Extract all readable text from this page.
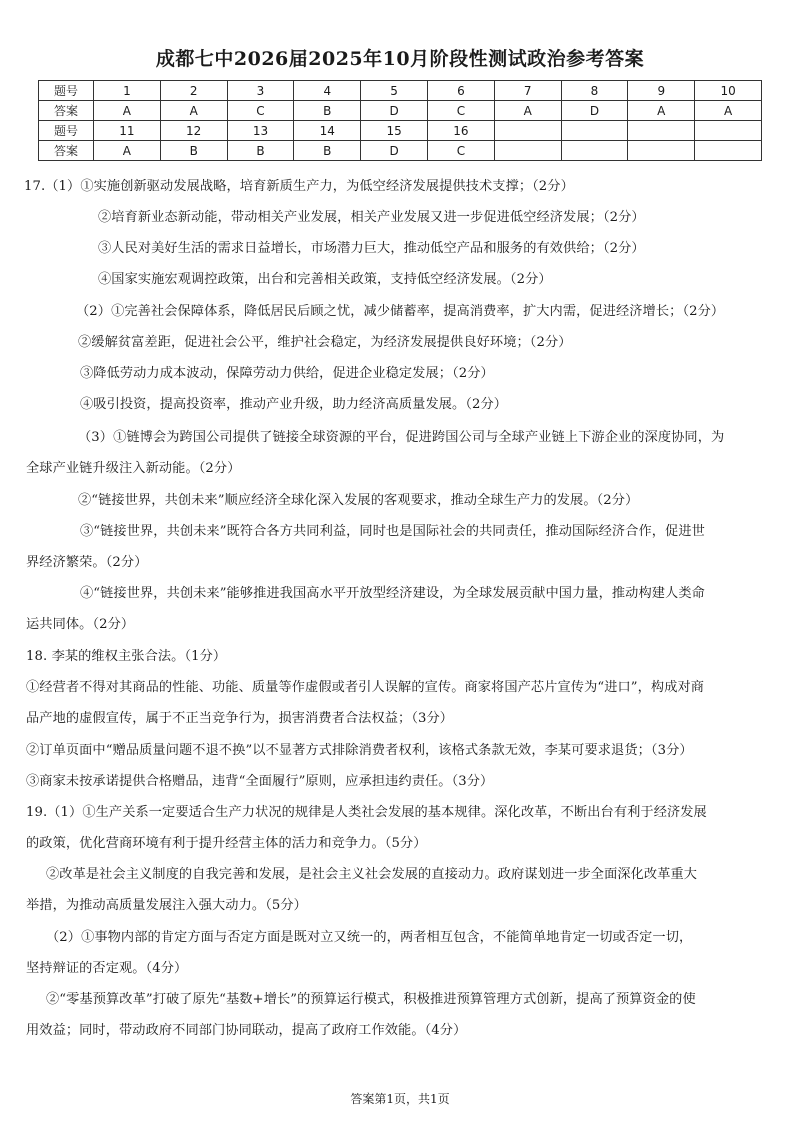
成都七中2026届2025年10月阶段性测试政治参考答案
题号	1	2	3	4	5	6	7	8	9	10
答案	A	A	C	B	D	C	A	D	A	A
题号	11	12	13	14	15	16				
答案	A	B	B	B	D	C				
17.（1）①实施创新驱动发展战略，培育新质生产力，为低空经济发展提供技术支撑；（2分）
②培育新业态新动能，带动相关产业发展，相关产业发展又进一步促进低空经济发展；（2分）
③人民对美好生活的需求日益增长，市场潜力巨大，推动低空产品和服务的有效供给；（2分）
④国家实施宏观调控政策，出台和完善相关政策，支持低空经济发展。（2分）
（2）①完善社会保障体系，降低居民后顾之忧，减少储蓄率，提高消费率，扩大内需，促进经济增长；（2分）
②缓解贫富差距，促进社会公平，维护社会稳定，为经济发展提供良好环境；（2分）
③降低劳动力成本波动，保障劳动力供给，促进企业稳定发展；（2分）
④吸引投资，提高投资率，推动产业升级，助力经济高质量发展。（2分）
（3）①链博会为跨国公司提供了链接全球资源的平台，促进跨国公司与全球产业链上下游企业的深度协同，为
全球产业链升级注入新动能。（2分）
②“链接世界，共创未来”顺应经济全球化深入发展的客观要求，推动全球生产力的发展。（2分）
③“链接世界，共创未来”既符合各方共同利益，同时也是国际社会的共同责任，推动国际经济合作，促进世
界经济繁荣。（2分）
④“链接世界，共创未来”能够推进我国高水平开放型经济建设，为全球发展贡献中国力量，推动构建人类命
运共同体。（2分）
18. 李某的维权主张合法。（1分）
①经营者不得对其商品的性能、功能、质量等作虚假或者引人误解的宣传。商家将国产芯片宣传为“进口”，构成对商
品产地的虚假宣传，属于不正当竞争行为，损害消费者合法权益；（3分）
②订单页面中“赠品质量问题不退不换”以不显著方式排除消费者权利，该格式条款无效，李某可要求退货；（3分）
③商家未按承诺提供合格赠品，违背“全面履行”原则，应承担违约责任。（3分）
19.（1）①生产关系一定要适合生产力状况的规律是人类社会发展的基本规律。深化改革，不断出台有利于经济发展
的政策，优化营商环境有利于提升经营主体的活力和竞争力。（5分）
②改革是社会主义制度的自我完善和发展，是社会主义社会发展的直接动力。政府谋划进一步全面深化改革重大
举措，为推动高质量发展注入强大动力。（5分）
（2）①事物内部的肯定方面与否定方面是既对立又统一的，两者相互包含，不能简单地肯定一切或否定一切，
坚持辩证的否定观。（4分）
②“零基预算改革”打破了原先“基数+增长”的预算运行模式，积极推进预算管理方式创新，提高了预算资金的使
用效益；同时，带动政府不同部门协同联动，提高了政府工作效能。（4分）
答案第1页，共1页
